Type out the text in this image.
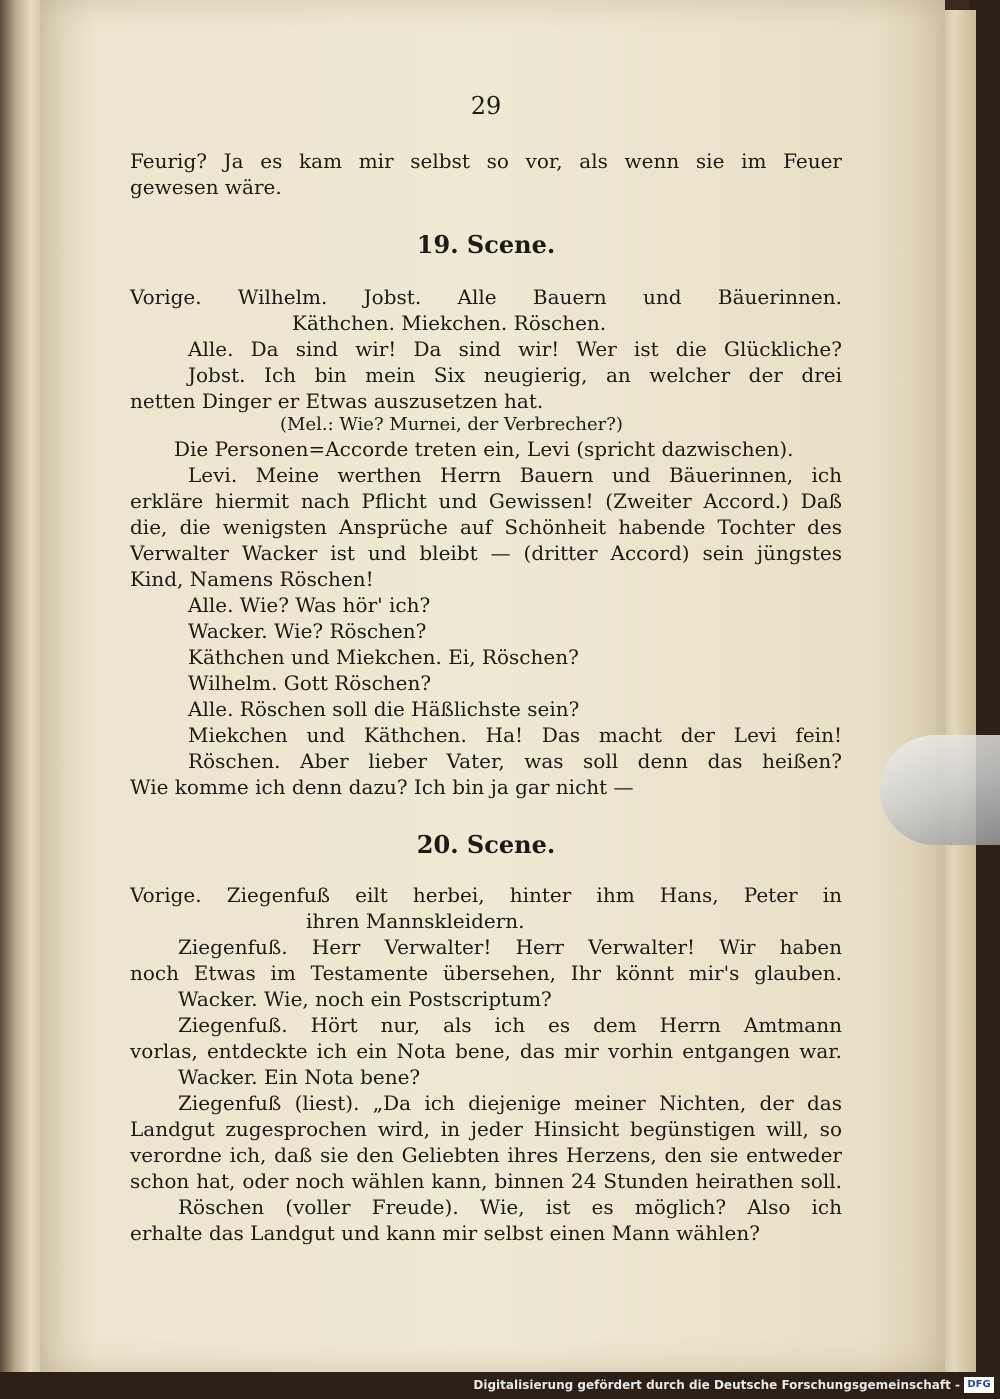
29
Feurig? Ja es kam mir selbst so vor, als wenn sie im Feuer
gewesen wäre.
19. Scene.
Vorige. Wilhelm. Jobst. Alle Bauern und Bäuerinnen.
Käthchen. Miekchen. Röschen.
Alle. Da sind wir! Da sind wir! Wer ist die Glückliche?
Jobst. Ich bin mein Six neugierig, an welcher der drei
netten Dinger er Etwas auszusetzen hat.
(Mel.: Wie? Murnei, der Verbrecher?)
Die Personen=Accorde treten ein, Levi (spricht dazwischen).
Levi. Meine werthen Herrn Bauern und Bäuerinnen, ich
erkläre hiermit nach Pflicht und Gewissen! (Zweiter Accord.) Daß
die, die wenigsten Ansprüche auf Schönheit habende Tochter des
Verwalter Wacker ist und bleibt — (dritter Accord) sein jüngstes
Kind, Namens Röschen!
Alle. Wie? Was hör' ich?
Wacker. Wie? Röschen?
Käthchen und Miekchen. Ei, Röschen?
Wilhelm. Gott Röschen?
Alle. Röschen soll die Häßlichste sein?
Miekchen und Käthchen. Ha! Das macht der Levi fein!
Röschen. Aber lieber Vater, was soll denn das heißen?
Wie komme ich denn dazu? Ich bin ja gar nicht —
20. Scene.
Vorige. Ziegenfuß eilt herbei, hinter ihm Hans, Peter in
ihren Mannskleidern.
Ziegenfuß. Herr Verwalter! Herr Verwalter! Wir haben
noch Etwas im Testamente übersehen, Ihr könnt mir's glauben.
Wacker. Wie, noch ein Postscriptum?
Ziegenfuß. Hört nur, als ich es dem Herrn Amtmann
vorlas, entdeckte ich ein Nota bene, das mir vorhin entgangen war.
Wacker. Ein Nota bene?
Ziegenfuß (liest). „Da ich diejenige meiner Nichten, der das
Landgut zugesprochen wird, in jeder Hinsicht begünstigen will, so
verordne ich, daß sie den Geliebten ihres Herzens, den sie entweder
schon hat, oder noch wählen kann, binnen 24 Stunden heirathen soll.
Röschen (voller Freude). Wie, ist es möglich? Also ich
erhalte das Landgut und kann mir selbst einen Mann wählen?
Digitalisierung gefördert durch die Deutsche Forschungsgemeinschaft - DFG
